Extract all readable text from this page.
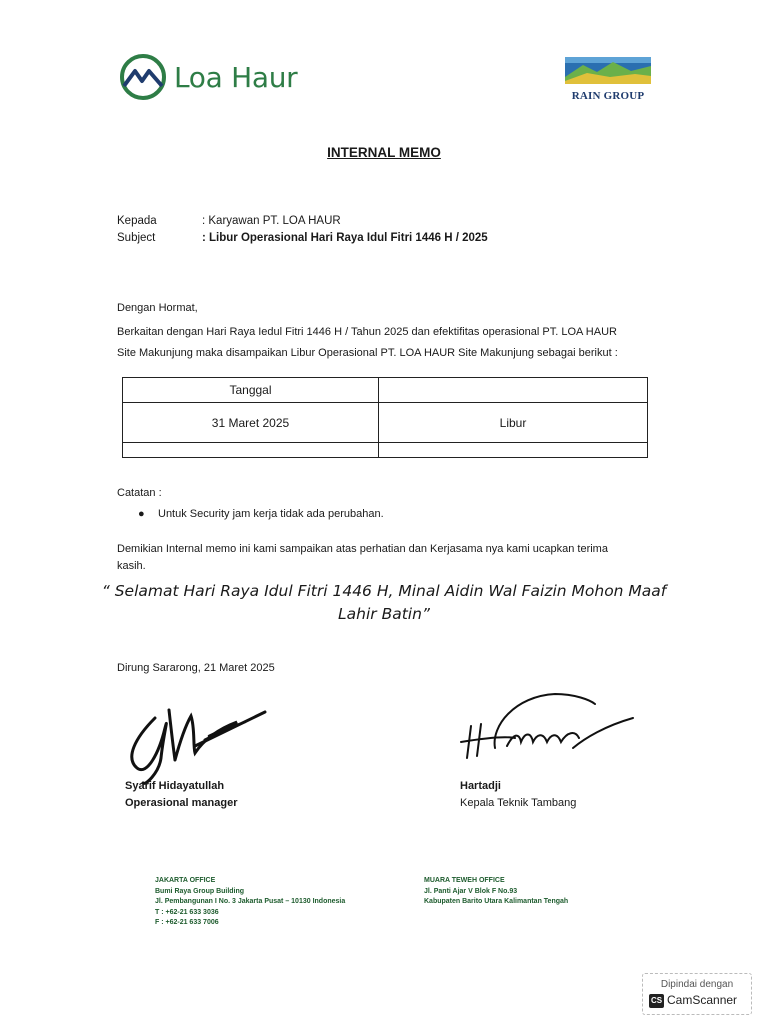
Loa Haur
RAIN GROUP
INTERNAL MEMO
Kepada	: Karyawan PT. LOA HAUR
Subject	: Libur Operasional Hari Raya Idul Fitri 1446 H / 2025
Dengan Hormat,
Berkaitan dengan Hari Raya Iedul Fitri 1446 H / Tahun 2025 dan efektifitas operasional PT. LOA HAUR
Site Makunjung maka disampaikan Libur Operasional PT. LOA HAUR Site Makunjung sebagai berikut :
Tanggal	
31 Maret 2025	Libur

Catatan :
●	Untuk Security jam kerja tidak ada perubahan.
Demikian Internal memo ini kami sampaikan atas perhatian dan Kerjasama nya kami ucapkan terima
kasih.
“ Selamat Hari Raya Idul Fitri 1446 H, Minal Aidin Wal Faizin Mohon Maaf
Lahir Batin”
Dirung Sararong, 21 Maret 2025
Syarif Hidayatullah
Operasional manager
Hartadji
Kepala Teknik Tambang
JAKARTA OFFICE
Bumi Raya Group Building
Jl. Pembangunan I No. 3 Jakarta Pusat – 10130 Indonesia
T : +62-21 633 3036
F : +62-21 633 7006
MUARA TEWEH OFFICE
Jl. Panti Ajar V Blok F No.93
Kabupaten Barito Utara Kalimantan Tengah
Dipindai dengan
CS CamScanner
